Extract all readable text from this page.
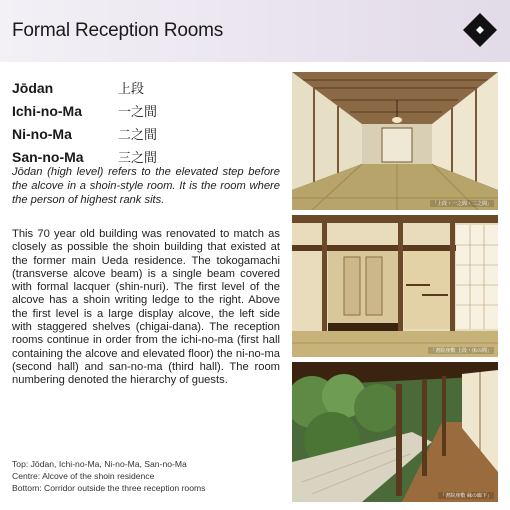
Formal Reception Rooms
Jōdan	上段
Ichi-no-Ma	一之間
Ni-no-Ma	二之間
San-no-Ma	三之間

Jōdan (high level) refers to the elevated step before the alcove in a shoin-style room. It is the room where the person of highest rank sits.

This 70 year old building was renovated to match as closely as possible the shoin building that existed at the former main Ueda residence. The tokogamachi (transverse alcove beam) is a single beam covered with formal lacquer (shin-nuri). The first level of the alcove has a shoin writing ledge to the right. Above the first level is a large display alcove, the left side with staggered shelves (chigai-dana). The reception rooms continue in order from the ichi-no-ma (first hall containing the alcove and elevated floor) the ni-no-ma (second hall) and san-no-ma (third hall). The room numbering denoted the hierarchy of guests.

Top: Jōdan, Ichi-no-Ma, Ni-no-Ma, San-no-Ma
Centre: Alcove of the shoin residence
Bottom: Corridor outside the three reception rooms
「上段・一之間・二之間」
「書院座敷 上段・床の間」
「書院座敷 縁の廊下」
